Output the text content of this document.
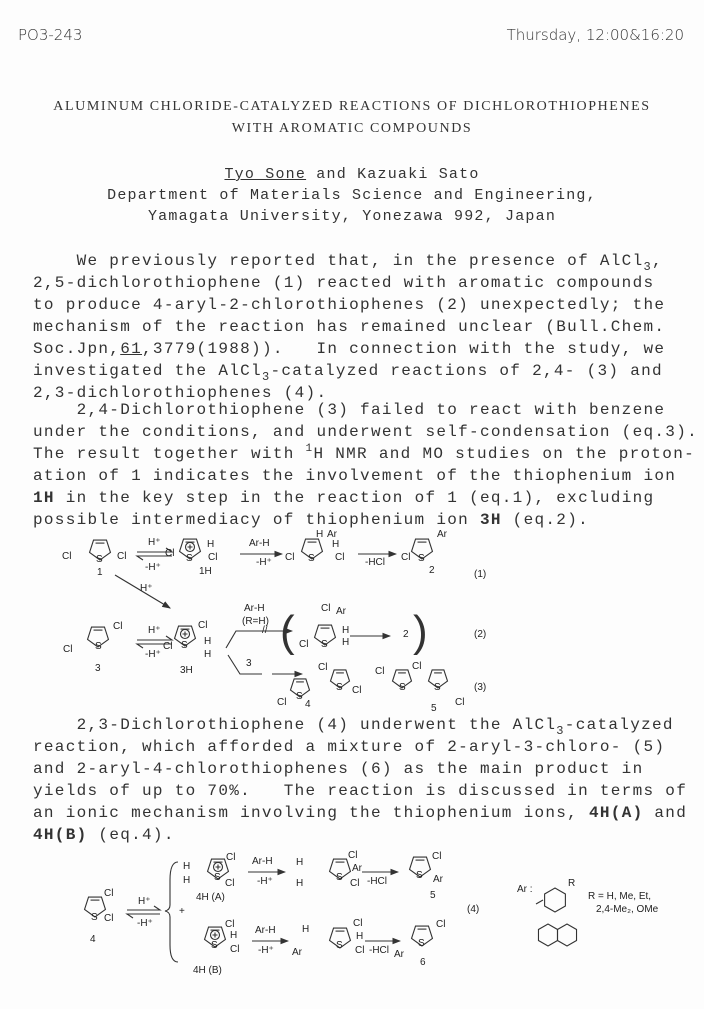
PO3-243	Thursday, 12:00&16:20
ALUMINUM CHLORIDE-CATALYZED REACTIONS OF DICHLOROTHIOPHENES
WITH AROMATIC COMPOUNDS
Tyo Sone and Kazuaki Sato
Department of Materials Science and Engineering,
Yamagata University, Yonezawa 992, Japan
We previously reported that, in the presence of AlCl$_3$,
2,5-dichlorothiophene (1) reacted with aromatic compounds
to produce 4-aryl-2-chlorothiophenes (2) unexpectedly; the
mechanism of the reaction has remained unclear (Bull.Chem.
Soc.Jpn,61,3779(1988)).   In connection with the study, we
investigated the AlCl$_3$-catalyzed reactions of 2,4- (3) and
2,3-dichlorothiophenes (4).
2,4-Dichlorothiophene (3) failed to react with benzene
under the conditions, and underwent self-condensation (eq.3).
The result together with $^1$H NMR and MO studies on the proton-
ation of 1 indicates the involvement of the thiophenium ion
1H in the key step in the reaction of 1 (eq.1), excluding
possible intermediacy of thiophenium ion 3H (eq.2).
2,3-Dichlorothiophene (4) underwent the AlCl$_3$-catalyzed
reaction, which afforded a mixture of 2-aryl-3-chloro- (5)
and 2-aryl-4-chlorothiophenes (6) as the main product in
yields of up to 70%.   The reaction is discussed in terms of
an ionic mechanism involving the thiophenium ions, 4H(A) and
4H(B) (eq.4).
Cl S Cl
1
H⁺
-H⁺
Cl S
H
Cl
1H
Ar-H
-H⁺
H Ar
H
Cl S Cl -HCl
Ar
Cl S
2	(1)
H⁺
Cl
Cl S
3
H⁺
-H⁺
Cl
H
H
Cl S
3H
Ar-H
(R=H)
//
Cl Ar
H
H
Cl S
2	(2)
3	Cl
S Cl
Cl
S
4
Cl	Cl
S	S
Cl
5
(3)
Cl
S Cl
4
H⁺
-H⁺
H
H
Cl
S
Cl
4H (A)
+
Cl
H
Cl
S
4H (B)
Ar-H
-H⁺
H
H
Cl
Ar
S
Cl -HCl
Cl
S Ar
5
(4)
Ar-H
-H⁺
H
Ar
Cl
H
S Cl -HCl
Cl
Ar
S
6
Ar :
R
R = H, Me, Et,
2,4-Me₂, OMe
(	)
